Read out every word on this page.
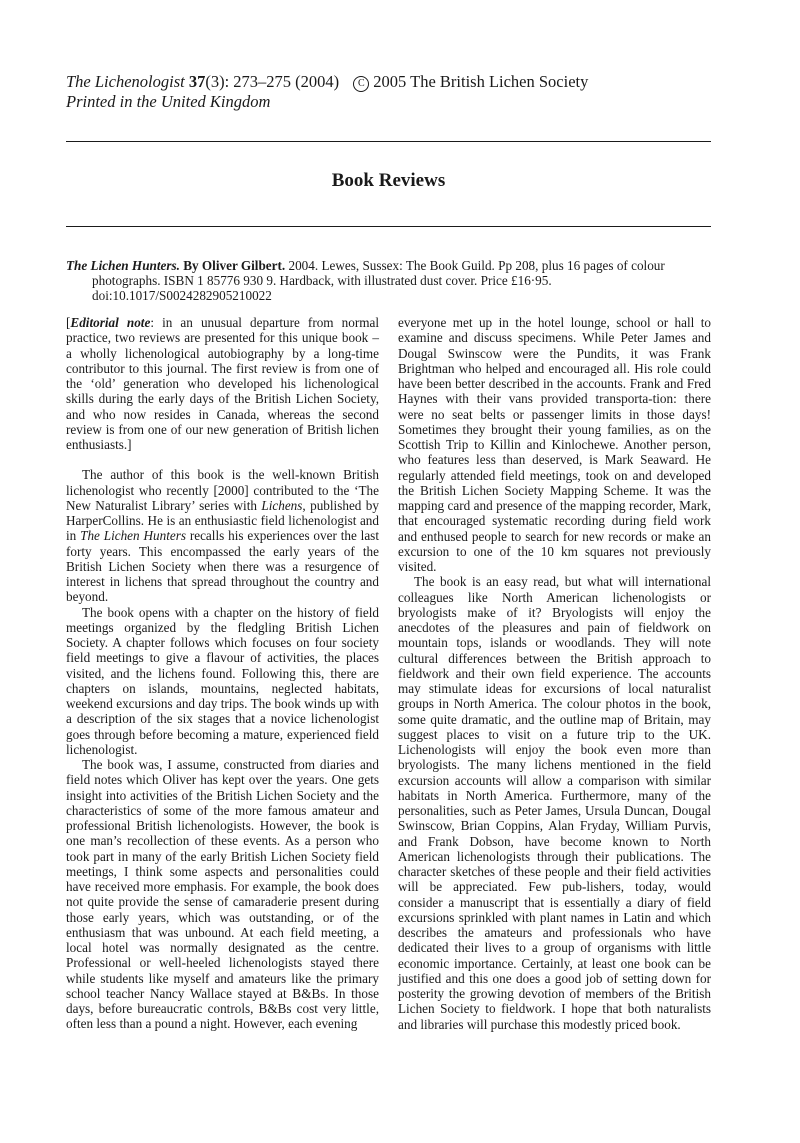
The Lichenologist 37(3): 273–275 (2004) C 2005 The British Lichen Society
Printed in the United Kingdom
Book Reviews

The Lichen Hunters. By Oliver Gilbert. 2004. Lewes, Sussex: The Book Guild. Pp 208, plus 16 pages of colour photographs. ISBN 1 85776 930 9. Hardback, with illustrated dust cover. Price £16·95.
doi:10.1017/S0024282905210022

[Editorial note: in an unusual departure from normal practice, two reviews are presented for this unique book – a wholly lichenological autobiography by a long-time contributor to this journal. The first review is from one of the ‘old’ generation who developed his lichenological skills during the early days of the British Lichen Society, and who now resides in Canada, whereas the second review is from one of our new generation of British lichen enthusiasts.]

The author of this book is the well-known British lichenologist who recently [2000] contributed to the ‘The New Naturalist Library’ series with Lichens, published by HarperCollins. He is an enthusiastic field lichenologist and in The Lichen Hunters recalls his experiences over the last forty years. This encompassed the early years of the British Lichen Society when there was a resurgence of interest in lichens that spread throughout the country and beyond.

The book opens with a chapter on the history of field meetings organized by the fledgling British Lichen Society. A chapter follows which focuses on four society field meetings to give a flavour of activities, the places visited, and the lichens found. Following this, there are chapters on islands, mountains, neglected habitats, weekend excursions and day trips. The book winds up with a description of the six stages that a novice lichenologist goes through before becoming a mature, experienced field lichenologist.

The book was, I assume, constructed from diaries and field notes which Oliver has kept over the years. One gets insight into activities of the British Lichen Society and the characteristics of some of the more famous amateur and professional British lichenologists. However, the book is one man’s recollection of these events. As a person who took part in many of the early British Lichen Society field meetings, I think some aspects and personalities could have received more emphasis. For example, the book does not quite provide the sense of camaraderie present during those early years, which was outstanding, or of the enthusiasm that was unbound. At each field meeting, a local hotel was normally designated as the centre. Professional or well-heeled lichenologists stayed there while students like myself and amateurs like the primary school teacher Nancy Wallace stayed at B&Bs. In those days, before bureaucratic controls, B&Bs cost very little, often less than a pound a night. However, each evening

everyone met up in the hotel lounge, school or hall to examine and discuss specimens. While Peter James and Dougal Swinscow were the Pundits, it was Frank Brightman who helped and encouraged all. His role could have been better described in the accounts. Frank and Fred Haynes with their vans provided transporta-tion: there were no seat belts or passenger limits in those days! Sometimes they brought their young families, as on the Scottish Trip to Killin and Kinlochewe. Another person, who features less than deserved, is Mark Seaward. He regularly attended field meetings, took on and developed the British Lichen Society Mapping Scheme. It was the mapping card and presence of the mapping recorder, Mark, that encouraged systematic recording during field work and enthused people to search for new records or make an excursion to one of the 10 km squares not previously visited.

The book is an easy read, but what will international colleagues like North American lichenologists or bryologists make of it? Bryologists will enjoy the anecdotes of the pleasures and pain of fieldwork on mountain tops, islands or woodlands. They will note cultural differences between the British approach to fieldwork and their own field experience. The accounts may stimulate ideas for excursions of local naturalist groups in North America. The colour photos in the book, some quite dramatic, and the outline map of Britain, may suggest places to visit on a future trip to the UK. Lichenologists will enjoy the book even more than bryologists. The many lichens mentioned in the field excursion accounts will allow a comparison with similar habitats in North America. Furthermore, many of the personalities, such as Peter James, Ursula Duncan, Dougal Swinscow, Brian Coppins, Alan Fryday, William Purvis, and Frank Dobson, have become known to North American lichenologists through their publications. The character sketches of these people and their field activities will be appreciated. Few pub-lishers, today, would consider a manuscript that is essentially a diary of field excursions sprinkled with plant names in Latin and which describes the amateurs and professionals who have dedicated their lives to a group of organisms with little economic importance. Certainly, at least one book can be justified and this one does a good job of setting down for posterity the growing devotion of members of the British Lichen Society to fieldwork. I hope that both naturalists and libraries will purchase this modestly priced book.
